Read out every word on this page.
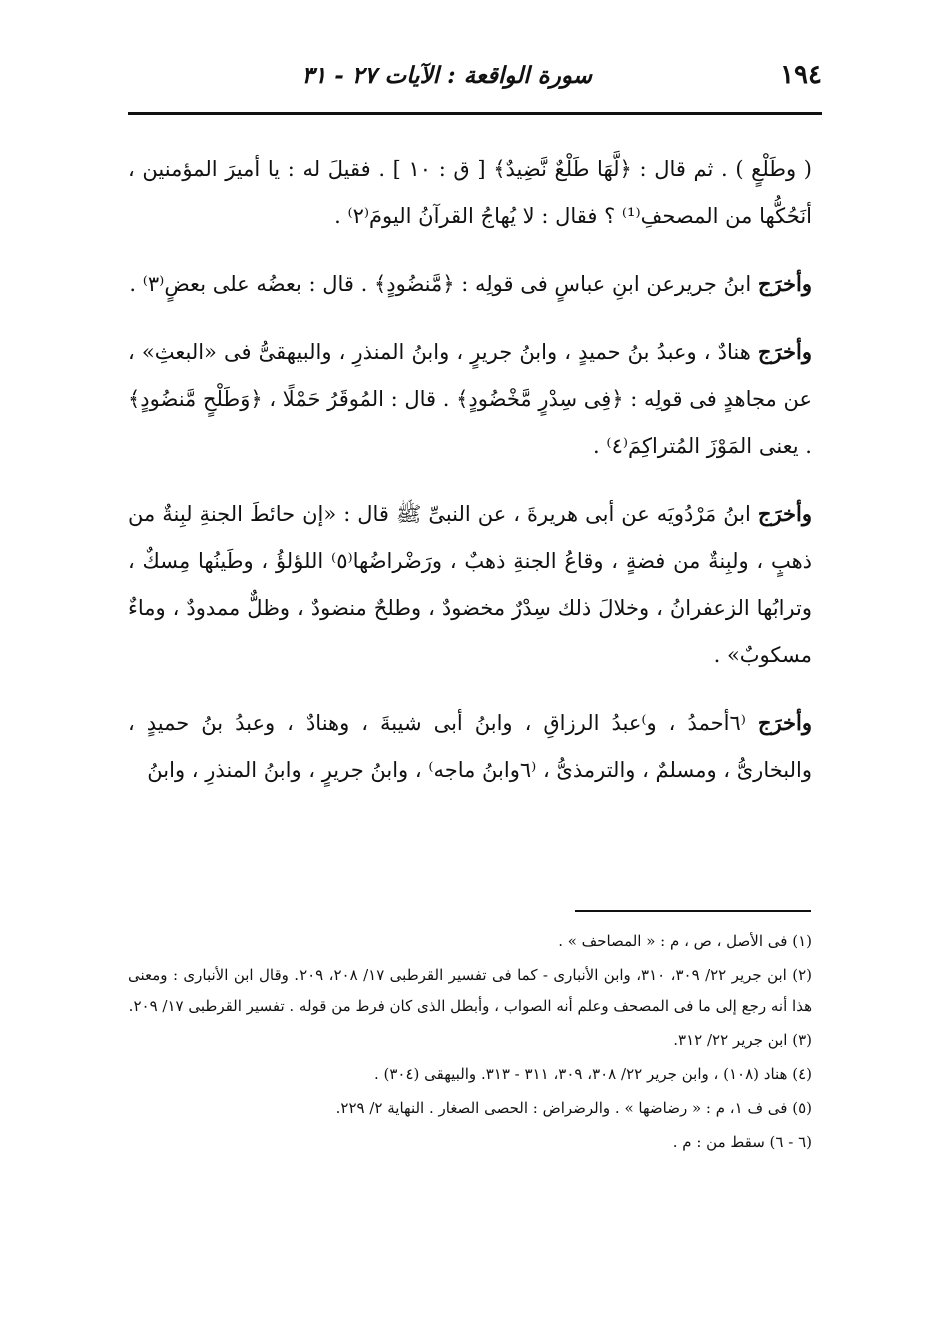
١٩٤
سورة الواقعة : الآيات ٢٧ - ٣١

( وطَلْعٍ ) . ثم قال : ﴿لَّهَا طَلْعٌ نَّضِيدٌ﴾ [ ق : ١٠ ] . فقيلَ له : يا أميرَ المؤمنين ، أنَحُكُّها من المصحفِ⁽¹⁾ ؟ فقال : لا يُهاجُ القرآنُ اليومَ⁽٢⁾ .

وأخرَج ابنُ جريرعن ابنِ عباسٍ فى قولِه : ﴿مَّنضُودٍ﴾ . قال : بعضُه على بعضٍ⁽٣⁾ .

وأخرَج هنادٌ ، وعبدُ بنُ حميدٍ ، وابنُ جريرٍ ، وابنُ المنذرِ ، والبيهقىُّ فى «البعثِ» ، عن مجاهدٍ فى قولِه : ﴿فِى سِدْرٍ مَّخْضُودٍ﴾ . قال : المُوقَرُ حَمْلًا ، ﴿وَطَلْحٍ مَّنضُودٍ﴾ . يعنى المَوْزَ المُتراكِمَ⁽٤⁾ .

وأخرَج ابنُ مَرْدُويَه عن أبى هريرةَ ، عن النبىِّ ﷺ قال : «إن حائطَ الجنةِ لبِنةٌ من ذهبٍ ، ولبِنةٌ من فضةٍ ، وقاعُ الجنةِ ذهبٌ ، ورَضْراضُها⁽٥⁾ اللؤلؤُ ، وطَينُها مِسكٌ ، وترابُها الزعفرانُ ، وخلالَ ذلك سِدْرٌ مخضودٌ ، وطلحٌ منضودٌ ، وظلٌّ ممدودٌ ، وماءٌ مسكوبٌ» .

وأخرَج ⁽٦أحمدُ ، و⁾عبدُ الرزاقِ ، وابنُ أبى شيبةَ ، وهنادٌ ، وعبدُ بنُ حميدٍ ، والبخارىُّ ، ومسلمٌ ، والترمذىُّ ، ⁽٦وابنُ ماجه⁾ ، وابنُ جريرٍ ، وابنُ المنذرِ ، وابنُ

(١) فى الأصل ، ص ، م : « المصاحف » .

(٢) ابن جرير ٢٢/ ٣٠٩، ٣١٠، وابن الأنبارى - كما فى تفسير القرطبى ١٧/ ٢٠٨، ٢٠٩. وقال ابن الأنبارى : ومعنى هذا أنه رجع إلى ما فى المصحف وعلم أنه الصواب ، وأبطل الذى كان فرط من قوله . تفسير القرطبى ١٧/ ٢٠٩.

(٣) ابن جرير ٢٢/ ٣١٢.

(٤) هناد (١٠٨) ، وابن جرير ٢٢/ ٣٠٨، ٣٠٩، ٣١١ - ٣١٣. والبيهقى (٣٠٤) .

(٥) فى ف ١، م : « رضاضها » . والرضراض : الحصى الصغار . النهاية ٢/ ٢٢٩.

(٦ - ٦) سقط من : م .
